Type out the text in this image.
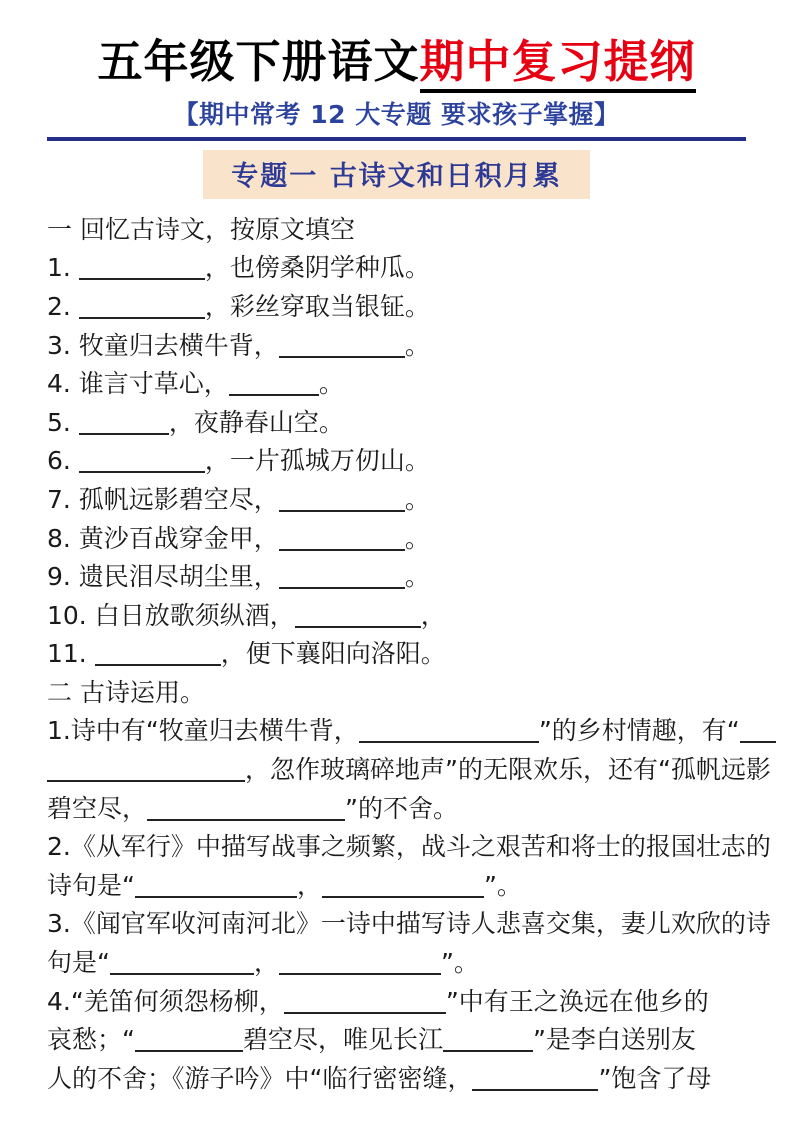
五年级下册语文期中复习提纲
【期中常考 12 大专题 要求孩子掌握】
专题一 古诗文和日积月累
一 回忆古诗文，按原文填空
1.	，也傍桑阴学种瓜。
2.	，彩丝穿取当银钲。
3. 牧童归去横牛背，	。
4. 谁言寸草心，	。
5.	，夜静春山空。
6.	，一片孤城万仞山。
7. 孤帆远影碧空尽，	。
8. 黄沙百战穿金甲，	。
9. 遗民泪尽胡尘里，	。
10. 白日放歌须纵酒，	，
11.	，便下襄阳向洛阳。
二 古诗运用。
1.诗中有“牧童归去横牛背，	”的乡村情趣，有“
，忽作玻璃碎地声”的无限欢乐，还有“孤帆远影
碧空尽，	”的不舍。
2.《从军行》中描写战事之频繁，战斗之艰苦和将士的报国壮志的
诗句是“	，	”。
3.《闻官军收河南河北》一诗中描写诗人悲喜交集，妻儿欢欣的诗
句是“	，	”。
4.“羌笛何须怨杨柳，	”中有王之涣远在他乡的
哀愁；“	碧空尽，唯见长江	”是李白送别友
人的不舍；《游子吟》中“临行密密缝，	”饱含了母
